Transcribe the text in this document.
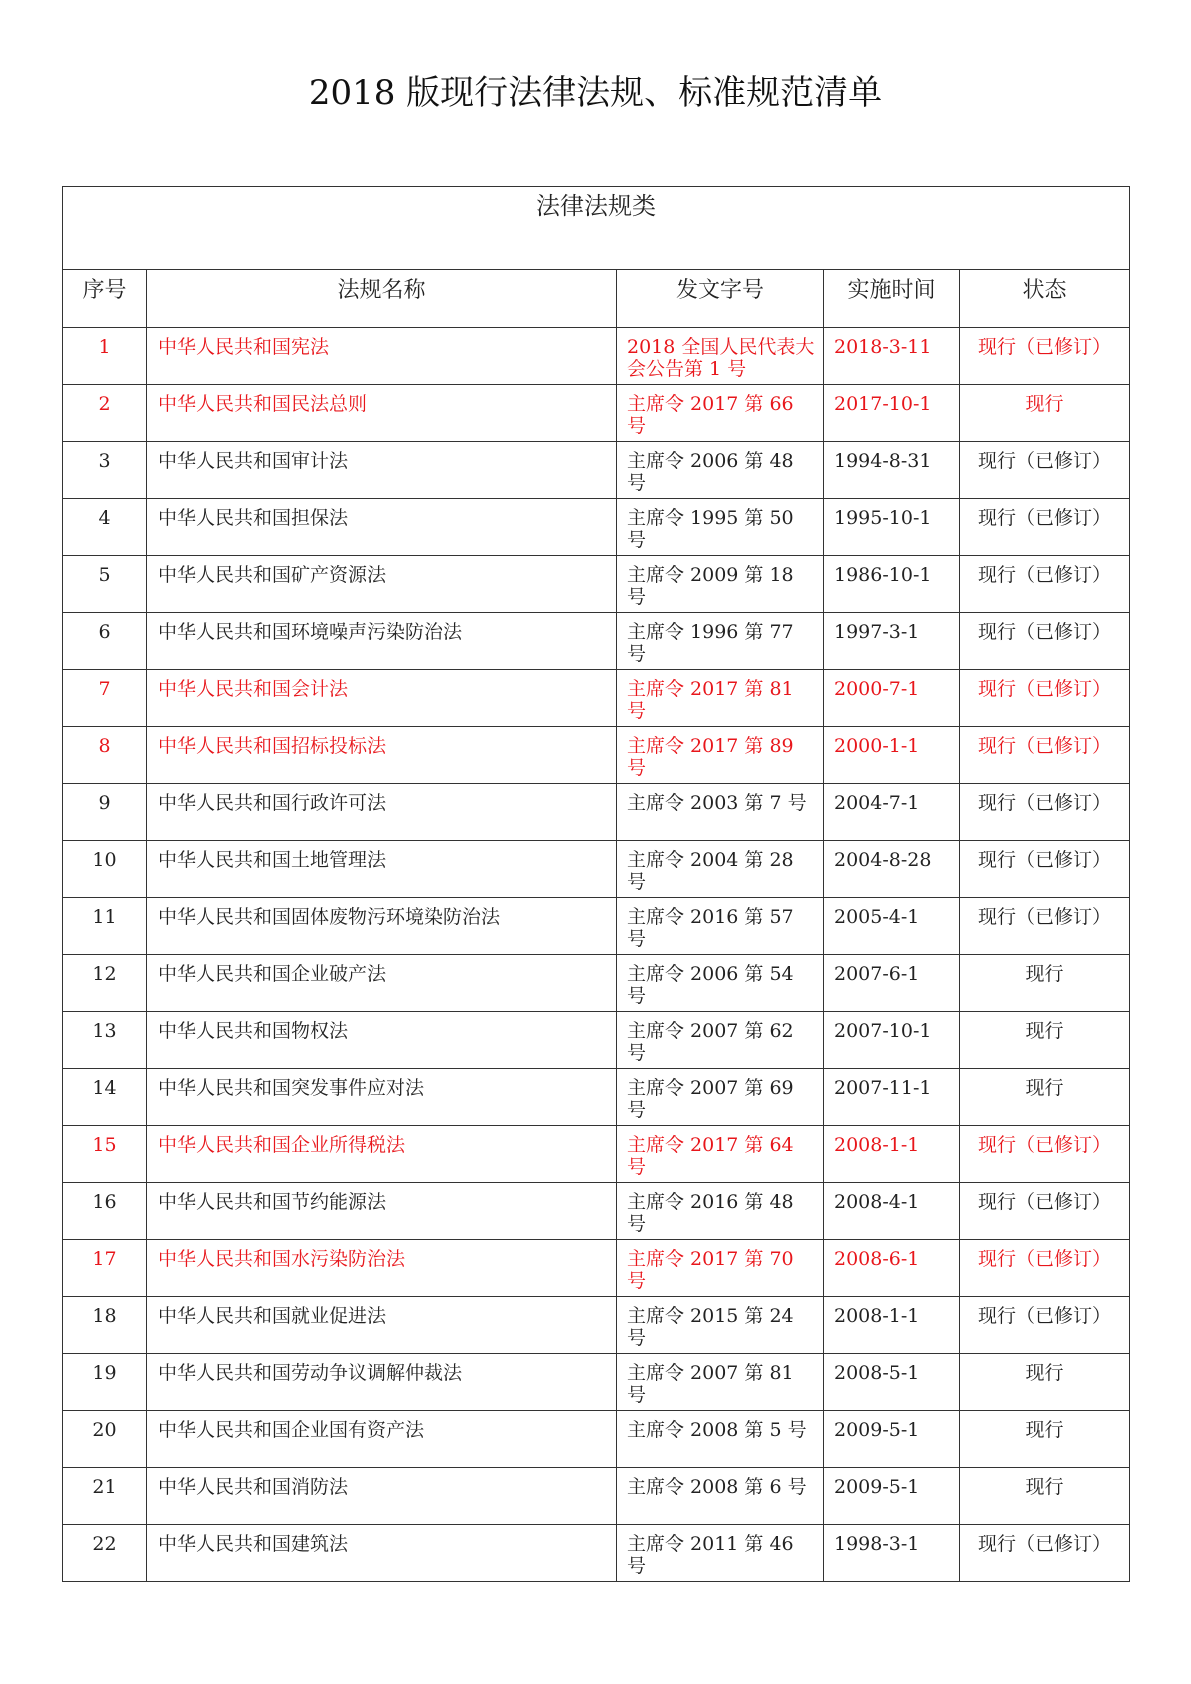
2018 版现行法律法规、标准规范清单
法律法规类				
序号	法规名称	发文字号	实施时间	状态
1	中华人民共和国宪法	2018 全国人民代表大会公告第 1 号	2018-3-11	现行（已修订）
2	中华人民共和国民法总则	主席令 2017 第 66 号	2017-10-1	现行
3	中华人民共和国审计法	主席令 2006 第 48 号	1994-8-31	现行（已修订）
4	中华人民共和国担保法	主席令 1995 第 50 号	1995-10-1	现行（已修订）
5	中华人民共和国矿产资源法	主席令 2009 第 18 号	1986-10-1	现行（已修订）
6	中华人民共和国环境噪声污染防治法	主席令 1996 第 77 号	1997-3-1	现行（已修订）
7	中华人民共和国会计法	主席令 2017 第 81 号	2000-7-1	现行（已修订）
8	中华人民共和国招标投标法	主席令 2017 第 89 号	2000-1-1	现行（已修订）
9	中华人民共和国行政许可法	主席令 2003 第 7 号	2004-7-1	现行（已修订）
10	中华人民共和国土地管理法	主席令 2004 第 28 号	2004-8-28	现行（已修订）
11	中华人民共和国固体废物污环境染防治法	主席令 2016 第 57 号	2005-4-1	现行（已修订）
12	中华人民共和国企业破产法	主席令 2006 第 54 号	2007-6-1	现行
13	中华人民共和国物权法	主席令 2007 第 62 号	2007-10-1	现行
14	中华人民共和国突发事件应对法	主席令 2007 第 69 号	2007-11-1	现行
15	中华人民共和国企业所得税法	主席令 2017 第 64 号	2008-1-1	现行（已修订）
16	中华人民共和国节约能源法	主席令 2016 第 48 号	2008-4-1	现行（已修订）
17	中华人民共和国水污染防治法	主席令 2017 第 70 号	2008-6-1	现行（已修订）
18	中华人民共和国就业促进法	主席令 2015 第 24 号	2008-1-1	现行（已修订）
19	中华人民共和国劳动争议调解仲裁法	主席令 2007 第 81 号	2008-5-1	现行
20	中华人民共和国企业国有资产法	主席令 2008 第 5 号	2009-5-1	现行
21	中华人民共和国消防法	主席令 2008 第 6 号	2009-5-1	现行
22	中华人民共和国建筑法	主席令 2011 第 46 号	1998-3-1	现行（已修订）
